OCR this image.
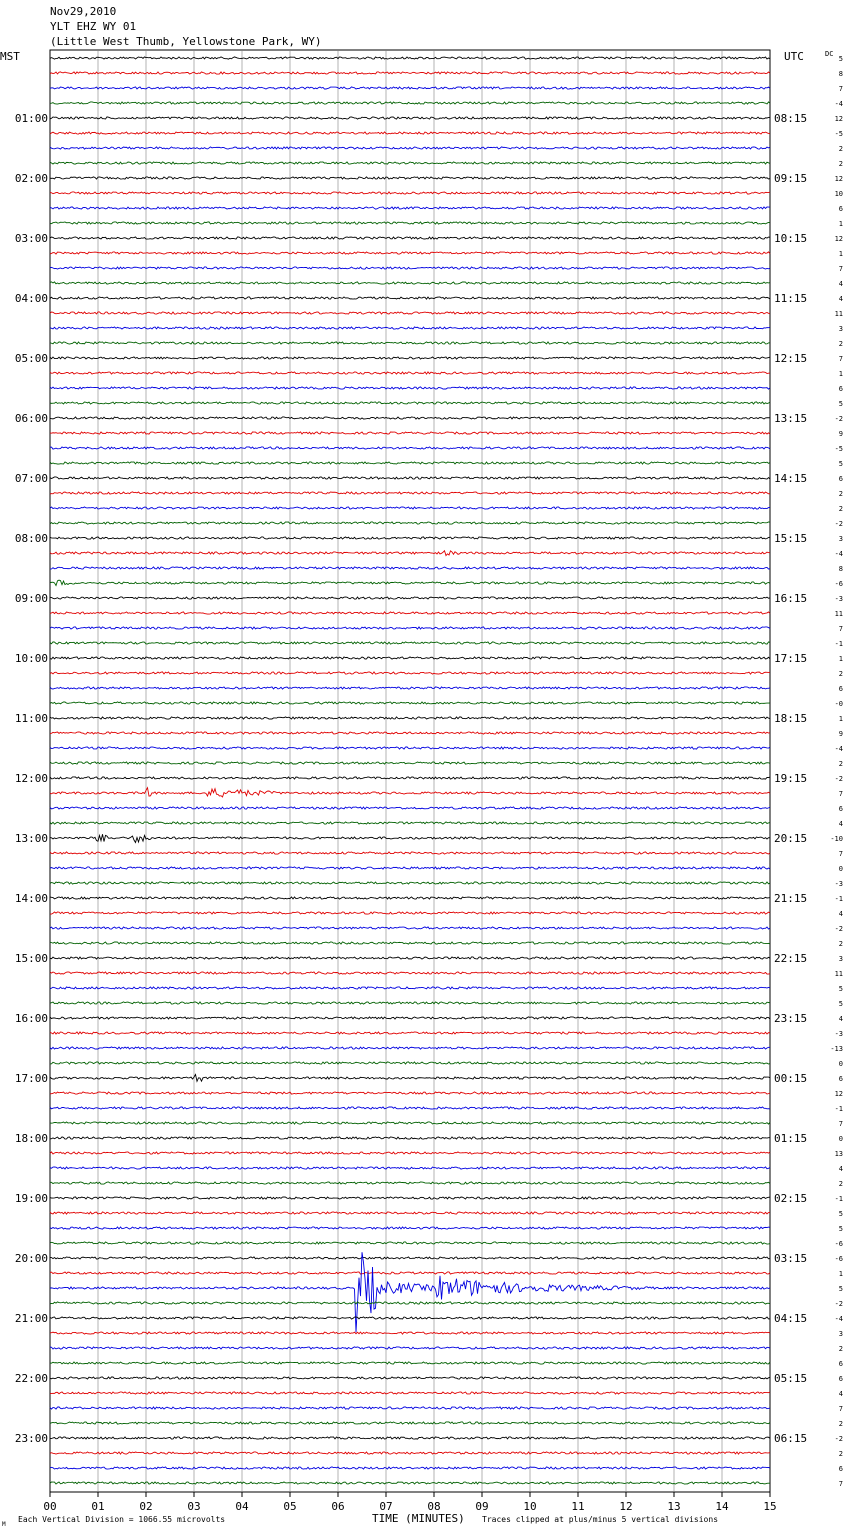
Nov29,2010
YLT EHZ WY 01
(Little West Thumb, Yellowstone Park, WY)
00	01	02	03	04	05	06	07	08	09	10	11	12	13	14	15
5
8
7
-4
12
01:00	08:15
-5
2
2
12
02:00	09:15
10
6
1
12
03:00	10:15
1
7
4
4
04:00	11:15
11
3
2
7
05:00	12:15
1
6
5
-2
06:00	13:15
9
-5
5
6
07:00	14:15
2
2
-2
3
08:00	15:15
-4
8
-6
-3
09:00	16:15
11
7
-1
1
10:00	17:15
2
6
-0
1
11:00	18:15
9
-4
2
-2
12:00	19:15
7
6
4
-10
13:00	20:15
7
0
-3
-1
14:00	21:15
4
-2
2
3
15:00	22:15
11
5
5
4
16:00	23:15
-3
-13
0
6
17:00	00:15
12
-1
7
0
18:00	01:15
13
4
2
-1
19:00	02:15
5
5
-6
-6
20:00	03:15
1
5
-2
-4
21:00	04:15
3
2
6
6
22:00	05:15
4
7
2
-2
23:00	06:15
2
6
7
MST	UTC	DC
Each Vertical Division = 1066.55 microvolts	TIME (MINUTES) Traces clipped at plus/minus 5 vertical divisions
M
